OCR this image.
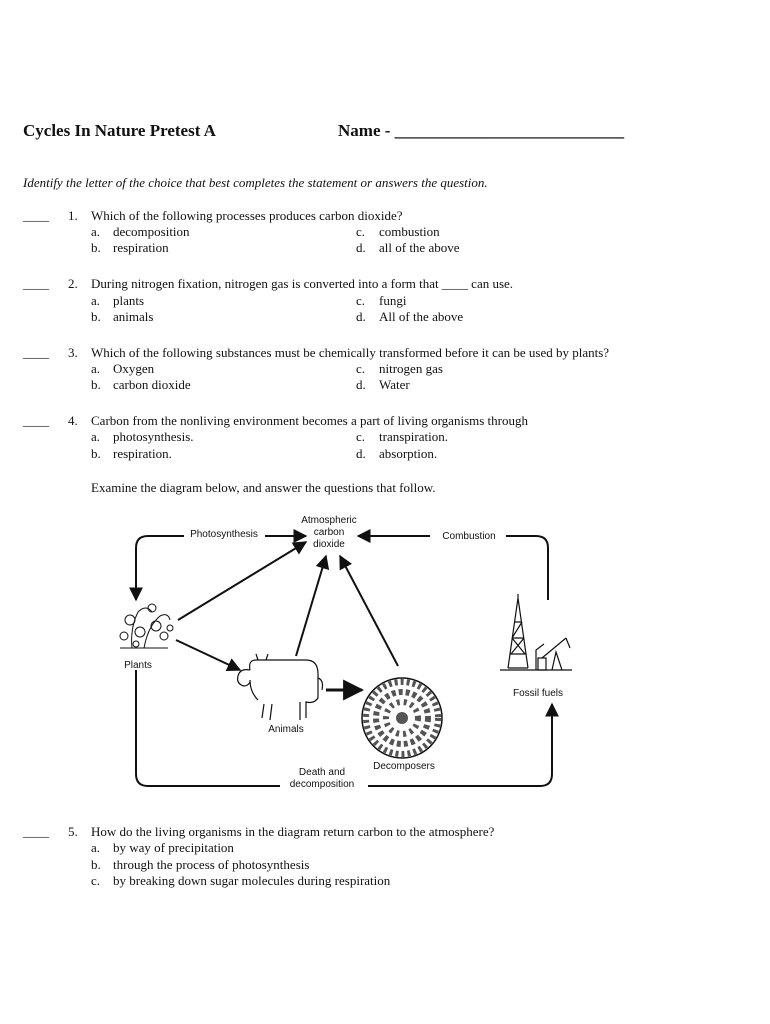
Cycles In Nature Pretest A	Name - ___________________________
Identify the letter of the choice that best completes the statement or answers the question.
____ 1. Which of the following processes produces carbon dioxide?
a. decomposition
b. respiration
c. combustion
d. all of the above
____ 2. During nitrogen fixation, nitrogen gas is converted into a form that ____ can use.
a. plants
b. animals
c. fungi
d. All of the above
____ 3. Which of the following substances must be chemically transformed before it can be used by plants?
a. Oxygen
b. carbon dioxide
c. nitrogen gas
d. Water
____ 4. Carbon from the nonliving environment becomes a part of living organisms through
a. photosynthesis.
b. respiration.
c. transpiration.
d. absorption.
Examine the diagram below, and answer the questions that follow.
Atmospheric
carbon
dioxide
Photosynthesis	Combustion
Plants
Animals
Decomposers
Fossil fuels
Death and
decomposition
____ 5. How do the living organisms in the diagram return carbon to the atmosphere?
a. by way of precipitation
b. through the process of photosynthesis
c. by breaking down sugar molecules during respiration
